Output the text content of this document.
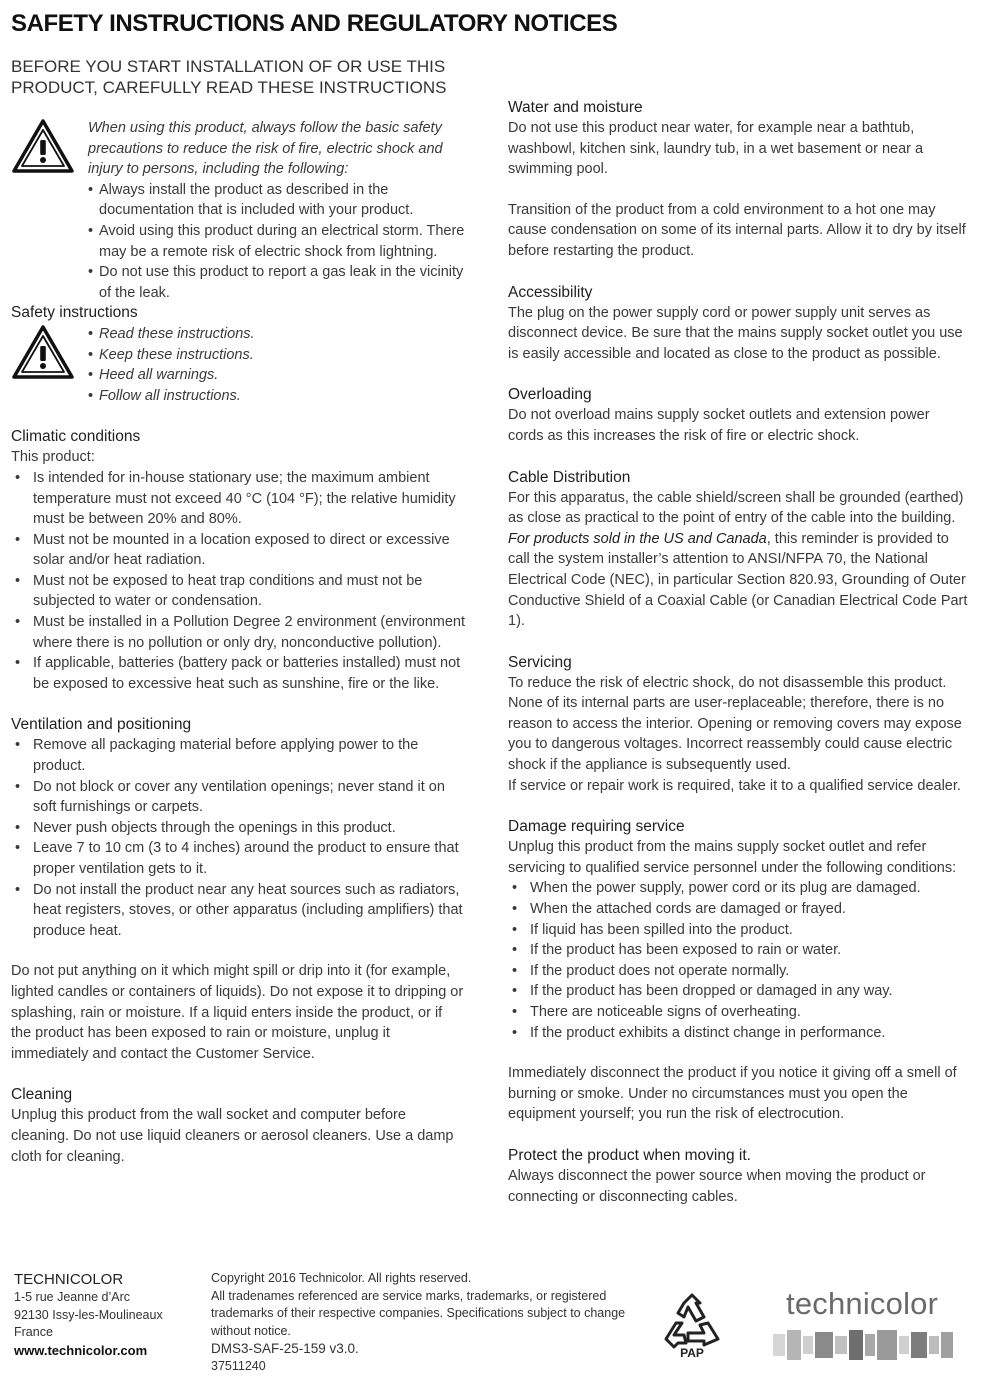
SAFETY INSTRUCTIONS AND REGULATORY NOTICES

BEFORE YOU START INSTALLATION OF OR USE THIS PRODUCT, CAREFULLY READ THESE INSTRUCTIONS

When using this product, always follow the basic safety precautions to reduce the risk of fire, electric shock and injury to persons, including the following:

• Always install the product as described in the documentation that is included with your product.
• Avoid using this product during an electrical storm. There may be a remote risk of electric shock from lightning.
• Do not use this product to report a gas leak in the vicinity of the leak.
Safety instructions
• Read these instructions.
• Keep these instructions.
• Heed all warnings.
• Follow all instructions.
Climatic conditions

This product:

• Is intended for in-house stationary use; the maximum ambient temperature must not exceed 40 °C (104 °F); the relative humidity must be between 20% and 80%.
• Must not be mounted in a location exposed to direct or excessive solar and/or heat radiation.
• Must not be exposed to heat trap conditions and must not be subjected to water or condensation.
• Must be installed in a Pollution Degree 2 environment (environment where there is no pollution or only dry, nonconductive pollution).
• If applicable, batteries (battery pack or batteries installed) must not be exposed to excessive heat such as sunshine, fire or the like.
Ventilation and positioning
• Remove all packaging material before applying power to the product.
• Do not block or cover any ventilation openings; never stand it on soft furnishings or carpets.
• Never push objects through the openings in this product.
• Leave 7 to 10 cm (3 to 4 inches) around the product to ensure that proper ventilation gets to it.
• Do not install the product near any heat sources such as radiators, heat registers, stoves, or other apparatus (including amplifiers) that produce heat.

Do not put anything on it which might spill or drip into it (for example, lighted candles or containers of liquids). Do not expose it to dripping or splashing, rain or moisture. If a liquid enters inside the product, or if the product has been exposed to rain or moisture, unplug it immediately and contact the Customer Service.

Cleaning

Unplug this product from the wall socket and computer before cleaning. Do not use liquid cleaners or aerosol cleaners. Use a damp cloth for cleaning.

Water and moisture

Do not use this product near water, for example near a bathtub, washbowl, kitchen sink, laundry tub, in a wet basement or near a swimming pool.

Transition of the product from a cold environment to a hot one may cause condensation on some of its internal parts. Allow it to dry by itself before restarting the product.

Accessibility

The plug on the power supply cord or power supply unit serves as disconnect device. Be sure that the mains supply socket outlet you use is easily accessible and located as close to the product as possible.

Overloading

Do not overload mains supply socket outlets and extension power cords as this increases the risk of fire or electric shock.

Cable Distribution

For this apparatus, the cable shield/screen shall be grounded (earthed) as close as practical to the point of entry of the cable into the building. For products sold in the US and Canada, this reminder is provided to call the system installer’s attention to ANSI/NFPA 70, the National Electrical Code (NEC), in particular Section 820.93, Grounding of Outer Conductive Shield of a Coaxial Cable (or Canadian Electrical Code Part 1).

Servicing

To reduce the risk of electric shock, do not disassemble this product. None of its internal parts are user-replaceable; therefore, there is no reason to access the interior. Opening or removing covers may expose you to dangerous voltages. Incorrect reassembly could cause electric shock if the appliance is subsequently used.

If service or repair work is required, take it to a qualified service dealer.

Damage requiring service

Unplug this product from the mains supply socket outlet and refer servicing to qualified service personnel under the following conditions:

• When the power supply, power cord or its plug are damaged.
• When the attached cords are damaged or frayed.
• If liquid has been spilled into the product.
• If the product has been exposed to rain or water.
• If the product does not operate normally.
• If the product has been dropped or damaged in any way.
• There are noticeable signs of overheating.
• If the product exhibits a distinct change in performance.

Immediately disconnect the product if you notice it giving off a smell of burning or smoke. Under no circumstances must you open the equipment yourself; you run the risk of electrocution.

Protect the product when moving it.

Always disconnect the power source when moving the product or connecting or disconnecting cables.

TECHNICOLOR
1-5 rue Jeanne d’Arc
92130 Issy-les-Moulineaux
France
www.technicolor.com
Copyright 2016 Technicolor. All rights reserved.
All tradenames referenced are service marks, trademarks, or registered trademarks of their respective companies. Specifications subject to change without notice.
DMS3-SAF-25-159 v3.0.
37511240
PAP
technicolor
